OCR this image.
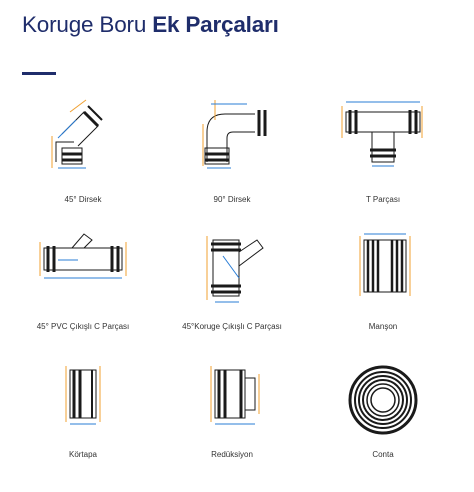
Koruge Boru Ek Parçaları
45° Dirsek	90° Dirsek	T Parçası
45° PVC Çıkışlı C Parçası	45°Koruge Çıkışlı C Parçası	Manşon
Körtapa	Redüksiyon	Conta
